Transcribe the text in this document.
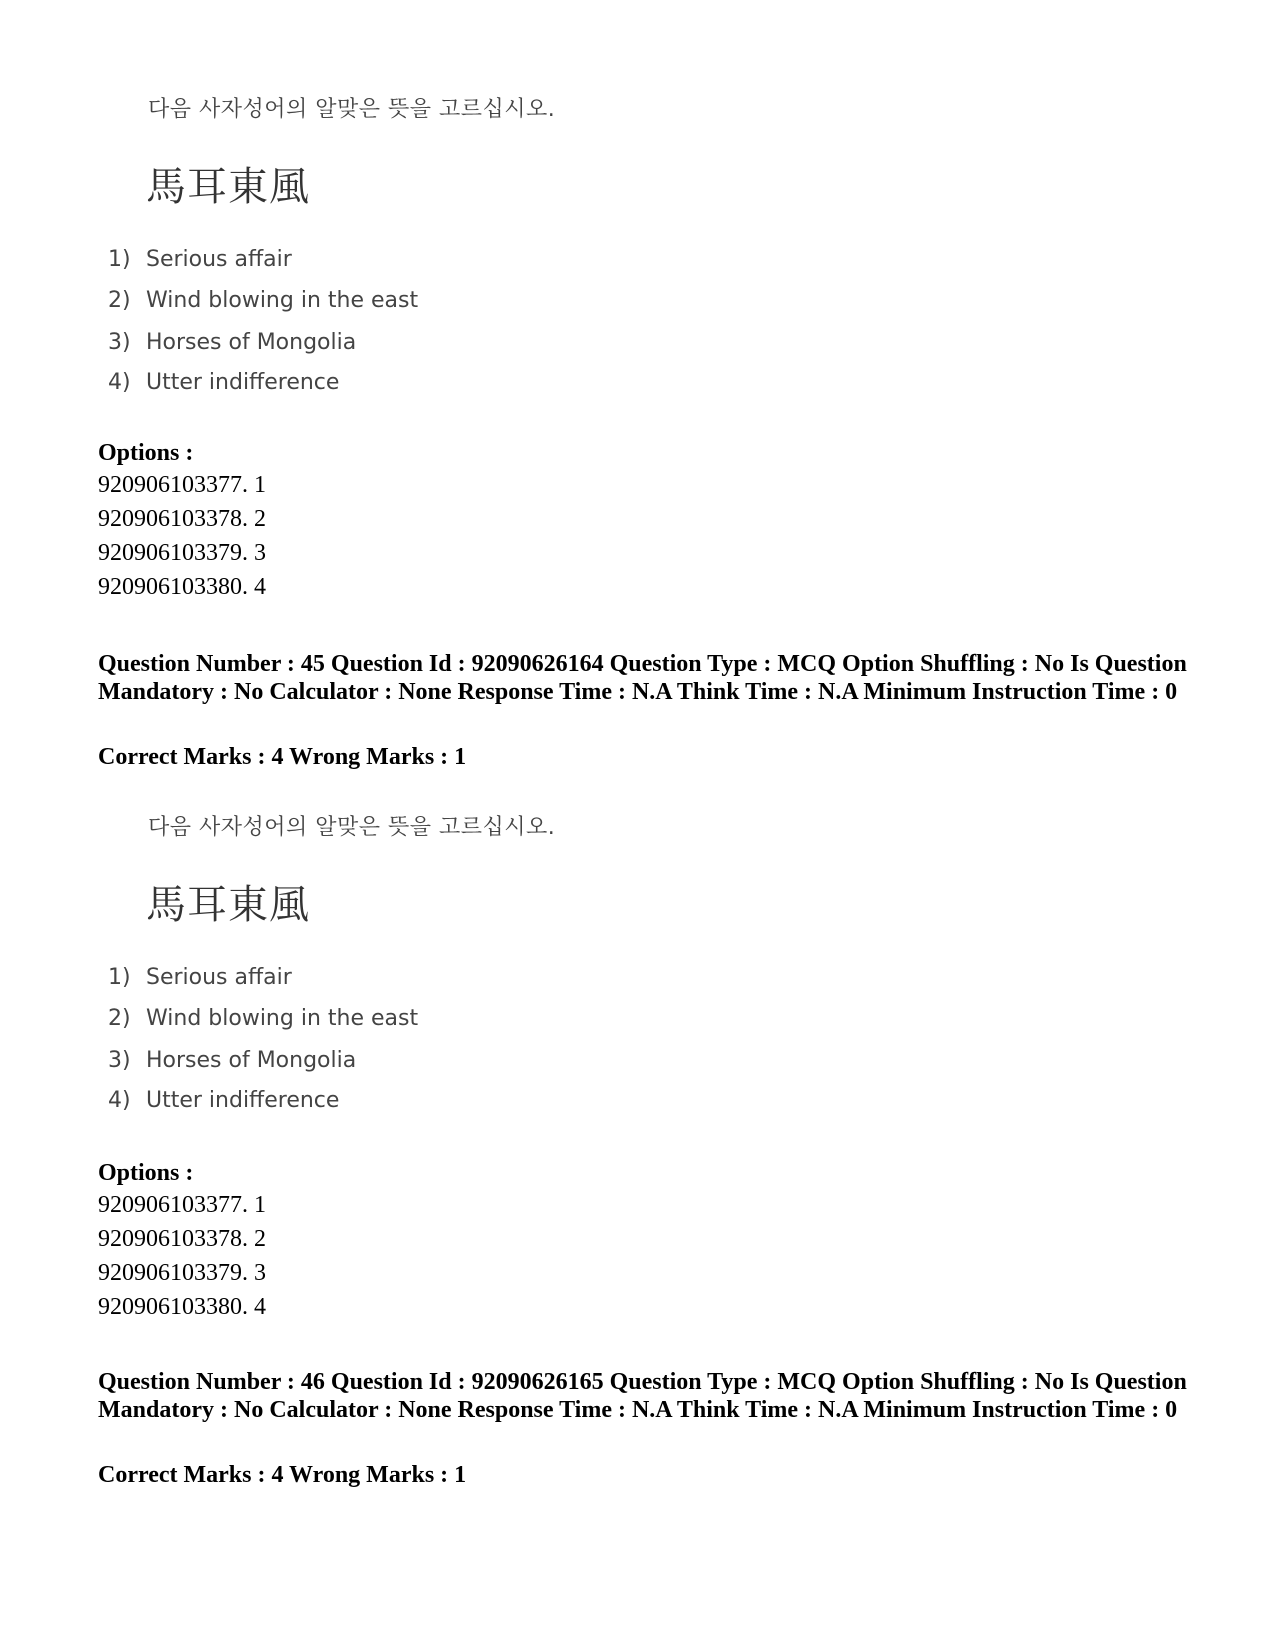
다음 사자성어의 알맞은 뜻을 고르십시오.
馬耳東風
1) Serious affair
2) Wind blowing in the east
3) Horses of Mongolia
4) Utter indifference
Options :
920906103377. 1
920906103378. 2
920906103379. 3
920906103380. 4
Question Number : 45 Question Id : 92090626164 Question Type : MCQ Option Shuffling : No Is Question Mandatory : No Calculator : None Response Time : N.A Think Time : N.A Minimum Instruction Time : 0
Correct Marks : 4 Wrong Marks : 1
다음 사자성어의 알맞은 뜻을 고르십시오.
馬耳東風
1) Serious affair
2) Wind blowing in the east
3) Horses of Mongolia
4) Utter indifference
Options :
920906103377. 1
920906103378. 2
920906103379. 3
920906103380. 4
Question Number : 46 Question Id : 92090626165 Question Type : MCQ Option Shuffling : No Is Question Mandatory : No Calculator : None Response Time : N.A Think Time : N.A Minimum Instruction Time : 0
Correct Marks : 4 Wrong Marks : 1
